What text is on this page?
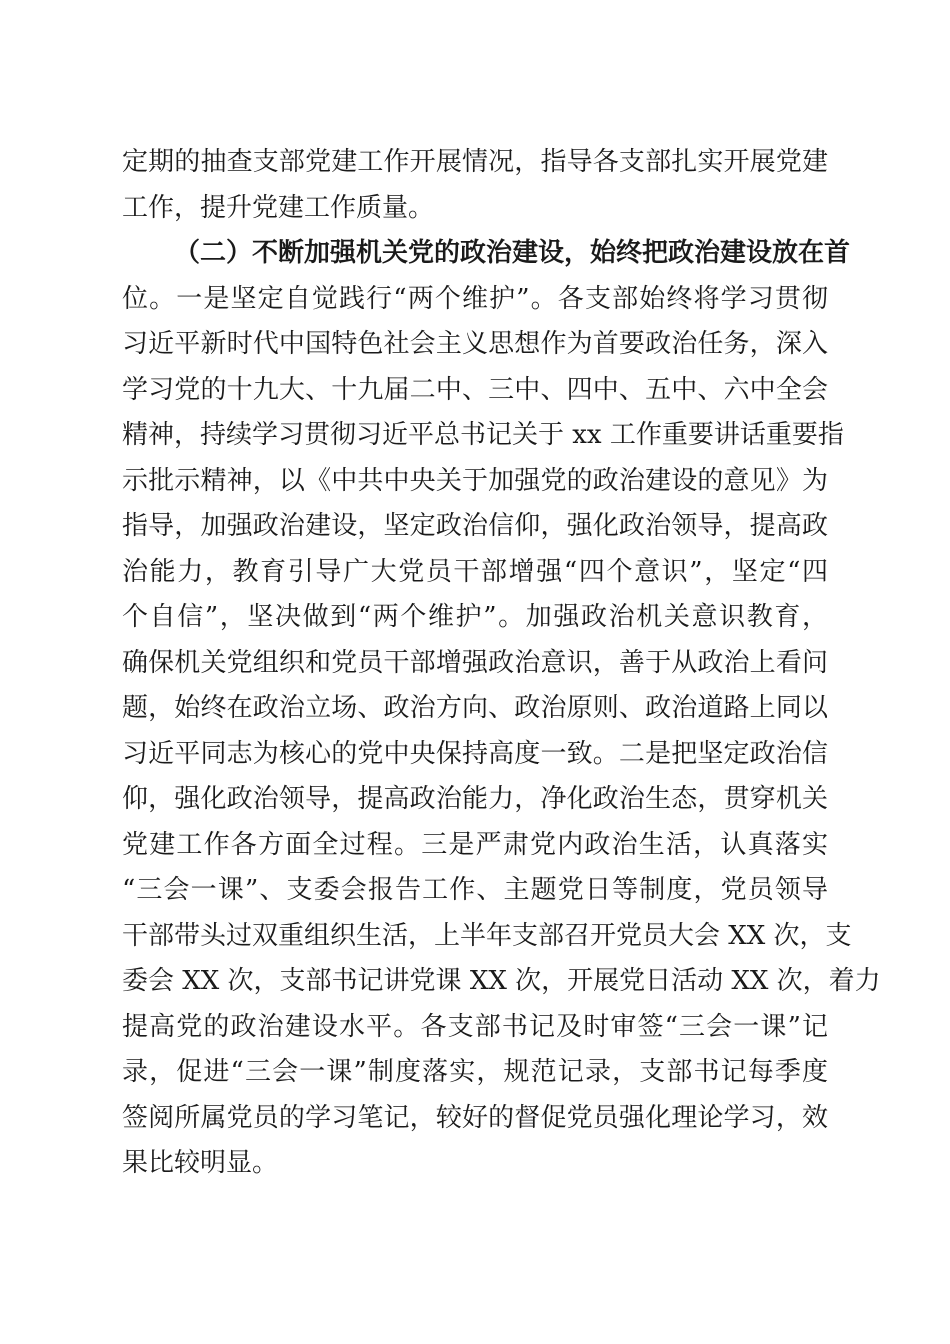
定期的抽查支部党建工作开展情况，指导各支部扎实开展党建
工作，提升党建工作质量。
（二）不断加强机关党的政治建设，始终把政治建设放在首
位。一是坚定自觉践行“两个维护”。各支部始终将学习贯彻
习近平新时代中国特色社会主义思想作为首要政治任务，深入
学习党的十九大、十九届二中、三中、四中、五中、六中全会
精神，持续学习贯彻习近平总书记关于 xx 工作重要讲话重要指
示批示精神，以《中共中央关于加强党的政治建设的意见》为
指导，加强政治建设，坚定政治信仰，强化政治领导，提高政
治能力，教育引导广大党员干部增强“四个意识”，坚定“四
个自信”，坚决做到“两个维护”。加强政治机关意识教育，
确保机关党组织和党员干部增强政治意识，善于从政治上看问
题，始终在政治立场、政治方向、政治原则、政治道路上同以
习近平同志为核心的党中央保持高度一致。二是把坚定政治信
仰，强化政治领导，提高政治能力，净化政治生态，贯穿机关
党建工作各方面全过程。三是严肃党内政治生活，认真落实
“三会一课”、支委会报告工作、主题党日等制度，党员领导
干部带头过双重组织生活，上半年支部召开党员大会 XX 次，支
委会 XX 次，支部书记讲党课 XX 次，开展党日活动 XX 次，着力
提高党的政治建设水平。各支部书记及时审签“三会一课”记
录，促进“三会一课”制度落实，规范记录，支部书记每季度
签阅所属党员的学习笔记，较好的督促党员强化理论学习，效
果比较明显。
